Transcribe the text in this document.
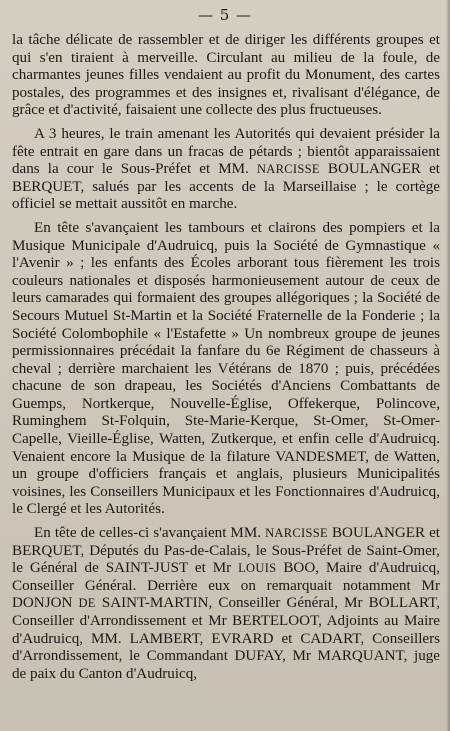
— 5 —

la tâche délicate de rassembler et de diriger les différents groupes et qui s'en tiraient à merveille. Circulant au milieu de la foule, de charmantes jeunes filles vendaient au profit du Monument, des cartes postales, des programmes et des insignes et, rivalisant d'élégance, de grâce et d'activité, faisaient une collecte des plus fructueuses.

A 3 heures, le train amenant les Autorités qui devaient présider la fête entrait en gare dans un fracas de pétards ; bientôt apparaissaient dans la cour le Sous-Préfet et MM. NARCISSE BOULANGER et BERQUET, salués par les accents de la Marseillaise ; le cortège officiel se mettait aussitôt en marche.

En tête s'avançaient les tambours et clairons des pompiers et la Musique Municipale d'Audruicq, puis la Société de Gymnastique « l'Avenir » ; les enfants des Écoles arborant tous fièrement les trois couleurs nationales et disposés harmonieusement autour de ceux de leurs camarades qui formaient des groupes allégoriques ; la Société de Secours Mutuel St-Martin et la Société Fraternelle de la Fonderie ; la Société Colombophile « l'Estafette » Un nombreux groupe de jeunes permissionnaires précédait la fanfare du 6e Régiment de chasseurs à cheval ; derrière marchaient les Vétérans de 1870 ; puis, précédées chacune de son drapeau, les Sociétés d'Anciens Combattants de Guemps, Nortkerque, Nouvelle-Église, Offekerque, Polincove, Ruminghem St-Folquin, Ste-Marie-Kerque, St-Omer, St-Omer-Capelle, Vieille-Église, Watten, Zutkerque, et enfin celle d'Audruicq. Venaient encore la Musique de la filature VANDESMET, de Watten, un groupe d'officiers français et anglais, plusieurs Municipalités voisines, les Conseillers Municipaux et les Fonctionnaires d'Audruicq, le Clergé et les Autorités.

En tête de celles-ci s'avançaient MM. NARCISSE BOULANGER et BERQUET, Députés du Pas-de-Calais, le Sous-Préfet de Saint-Omer, le Général de SAINT-JUST et Mr LOUIS BOO, Maire d'Audruicq, Conseiller Général. Derrière eux on remarquait notamment Mr DONJON DE SAINT-MARTIN, Conseiller Général, Mr BOLLART, Conseiller d'Arrondissement et Mr BERTELOOT, Adjoints au Maire d'Audruicq, MM. LAMBERT, EVRARD et CADART, Conseillers d'Arrondissement, le Commandant DUFAY, Mr MARQUANT, juge de paix du Canton d'Audruicq,
